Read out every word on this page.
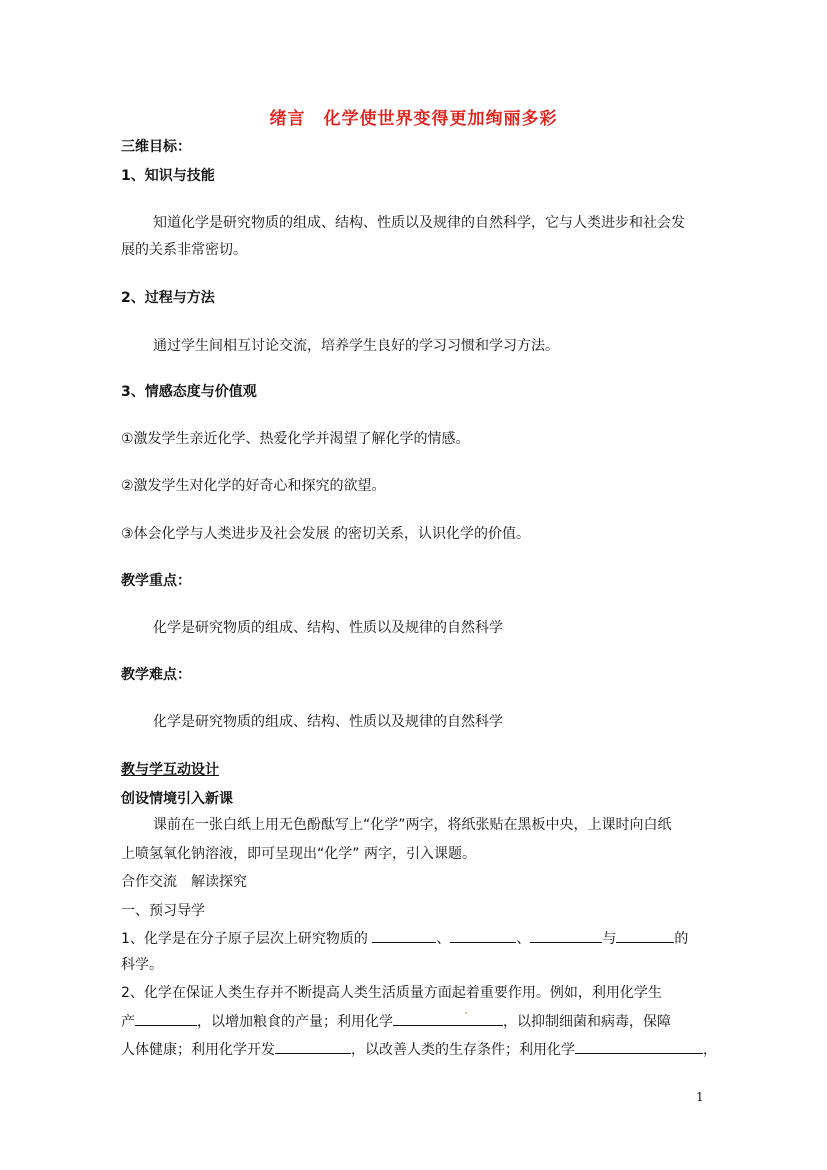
绪言　化学使世界变得更加绚丽多彩
三维目标：
1、知识与技能
知道化学是研究物质的组成、结构、性质以及规律的自然科学，它与人类进步和社会发
展的关系非常密切。
2、过程与方法
通过学生间相互讨论交流，培养学生良好的学习习惯和学习方法。
3、情感态度与价值观
①激发学生亲近化学、热爱化学并渴望了解化学的情感。
②激发学生对化学的好奇心和探究的欲望。
③体会化学与人类进步及社会发展 的密切关系，认识化学的价值。
教学重点：
化学是研究物质的组成、结构、性质以及规律的自然科学
教学难点：
化学是研究物质的组成、结构、性质以及规律的自然科学
教与学互动设计
创设情境引入新课
课前在一张白纸上用无色酚酞写上“化学”两字，将纸张贴在黑板中央，上课时向白纸
上喷氢氧化钠溶液，即可呈现出“化学” 两字，引入课题。
合作交流　解读探究
一、预习导学
1、化学是在分子原子层次上研究物质的	、	、	与	的
科学。
2、化学在保证人类生存并不断提高人类生活质量方面起着重要作用。例如，利用化学生
产	，以增加粮食的产量；利用化学	，以抑制细菌和病毒，保障
人体健康；利用化学开发	，以改善人类的生存条件；利用化学	，
1
